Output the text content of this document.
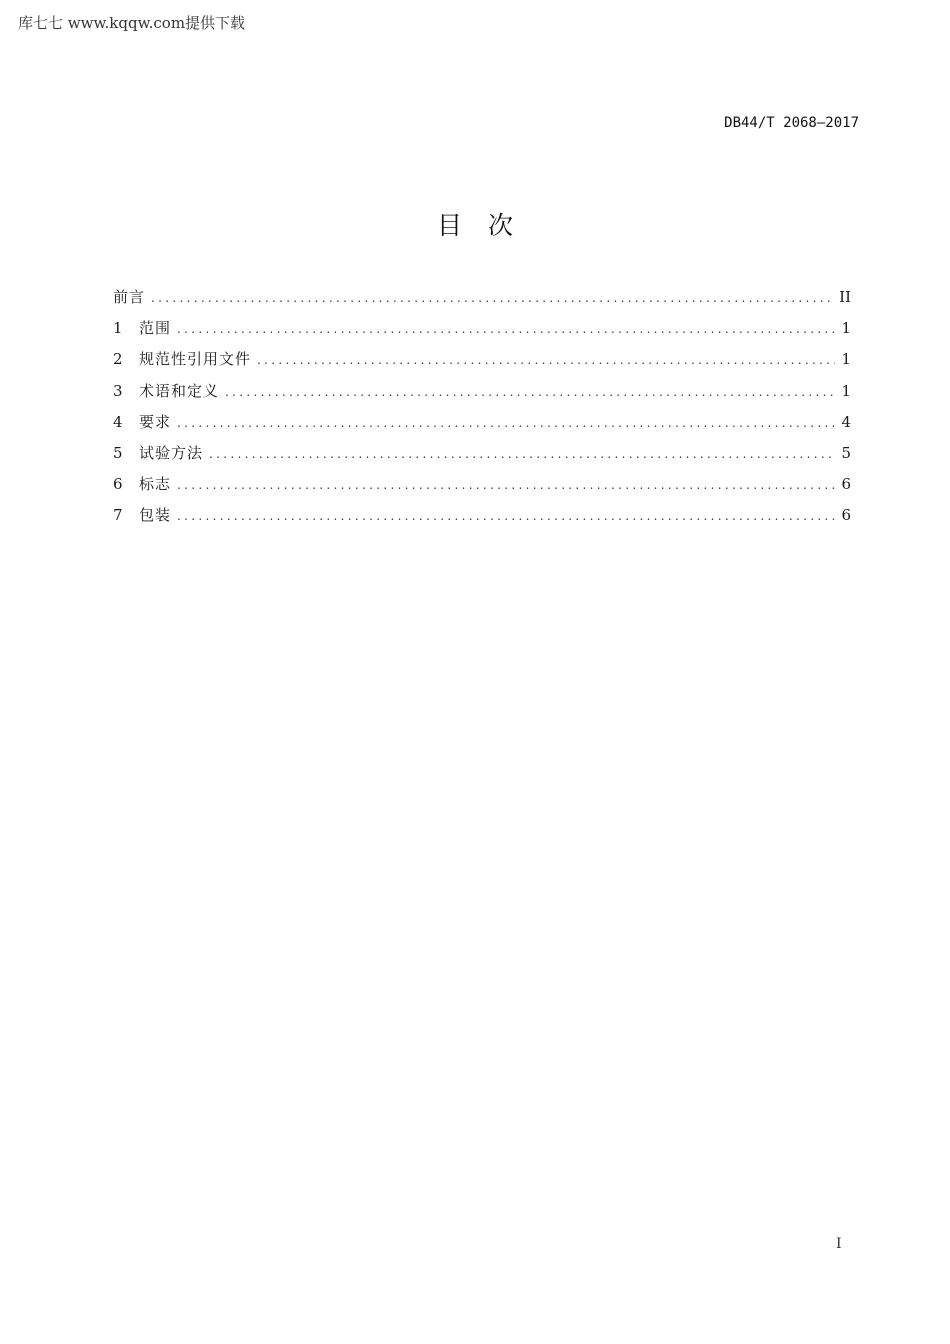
库七七 www.kqqw.com提供下载
DB44/T 2068—2017
目次
前言 .....	II
1	范围 .....	1
2	规范性引用文件 .....	1
3	术语和定义 .....	1
4	要求 .....	4
5	试验方法 .....	5
6	标志 .....	6
7	包装 .....	6
I
